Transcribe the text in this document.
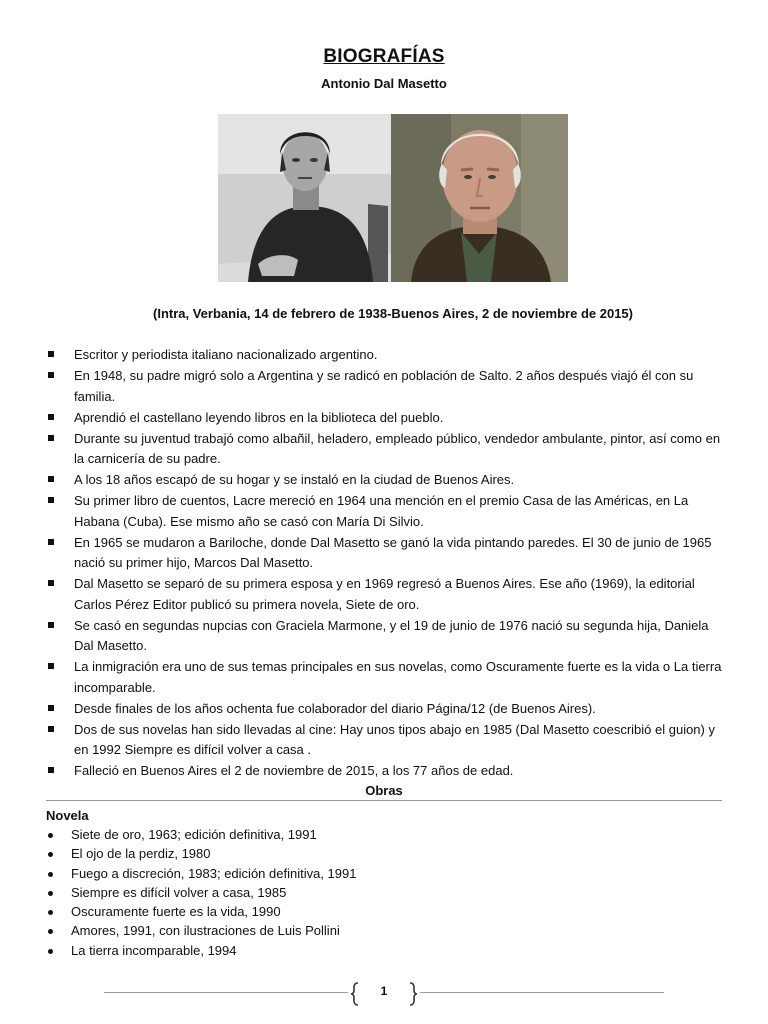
BIOGRAFÍAS
Antonio Dal Masetto
(Intra, Verbania, 14 de febrero de 1938-Buenos Aires, 2 de noviembre de 2015)
Escritor y periodista italiano nacionalizado argentino.
En 1948, su padre migró solo a Argentina y se radicó en población de Salto. 2 años después viajó él con su familia.
Aprendió el castellano leyendo libros en la biblioteca del pueblo.
Durante su juventud trabajó como albañil, heladero, empleado público, vendedor ambulante, pintor, así como en la carnicería de su padre.
A los 18 años escapó de su hogar y se instaló en la ciudad de Buenos Aires.
Su primer libro de cuentos, Lacre mereció en 1964 una mención en el premio Casa de las Américas, en La Habana (Cuba). Ese mismo año se casó con María Di Silvio.
En 1965 se mudaron a Bariloche, donde Dal Masetto se ganó la vida pintando paredes. El 30 de junio de 1965 nació su primer hijo, Marcos Dal Masetto.
Dal Masetto se separó de su primera esposa y en 1969 regresó a Buenos Aires. Ese año (1969), la editorial Carlos Pérez Editor publicó su primera novela, Siete de oro.
Se casó en segundas nupcias con Graciela Marmone, y el 19 de junio de 1976 nació su segunda hija, Daniela Dal Masetto.
La inmigración era uno de sus temas principales en sus novelas, como Oscuramente fuerte es la vida o La tierra incomparable.
Desde finales de los años ochenta fue colaborador del diario Página/12 (de Buenos Aires).
Dos de sus novelas han sido llevadas al cine: Hay unos tipos abajo en 1985 (Dal Masetto coescribió el guion) y en 1992 Siempre es difícil volver a casa .
Falleció en Buenos Aires el 2 de noviembre de 2015, a los 77 años de edad.
Obras
Novela
Siete de oro, 1963; edición definitiva, 1991
El ojo de la perdiz, 1980
Fuego a discreción, 1983; edición definitiva, 1991
Siempre es difícil volver a casa, 1985
Oscuramente fuerte es la vida, 1990
Amores, 1991, con ilustraciones de Luis Pollini
La tierra incomparable, 1994
1
